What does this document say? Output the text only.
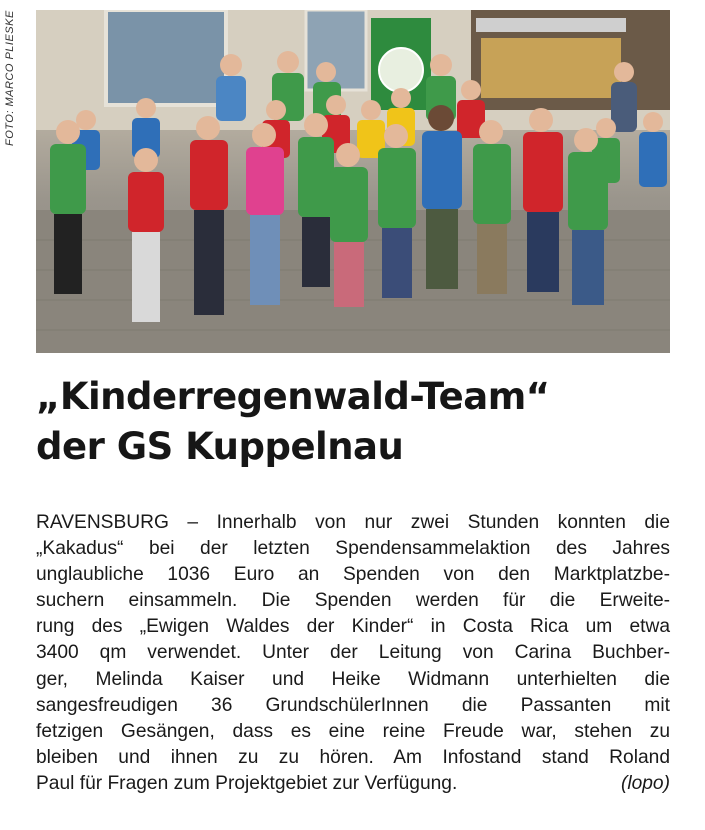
FOTO: MARCO PLIESKE
„Kinderregenwald-Team“
der GS Kuppelnau
RAVENSBURG – Innerhalb von nur zwei Stunden konnten die
„Kakadus“ bei der letzten Spendensammelaktion des Jahres
unglaubliche 1036 Euro an Spenden von den Marktplatzbe-
suchern einsammeln. Die Spenden werden für die Erweite-
rung des „Ewigen Waldes der Kinder“ in Costa Rica um etwa
3400 qm verwendet. Unter der Leitung von Carina Buchber-
ger, Melinda Kaiser und Heike Widmann unterhielten die
sangesfreudigen 36 GrundschülerInnen die Passanten mit
fetzigen Gesängen, dass es eine reine Freude war, stehen zu
bleiben und ihnen zu zu hören. Am Infostand stand Roland
Paul für Fragen zum Projektgebiet zur Verfügung.	(lopo)
